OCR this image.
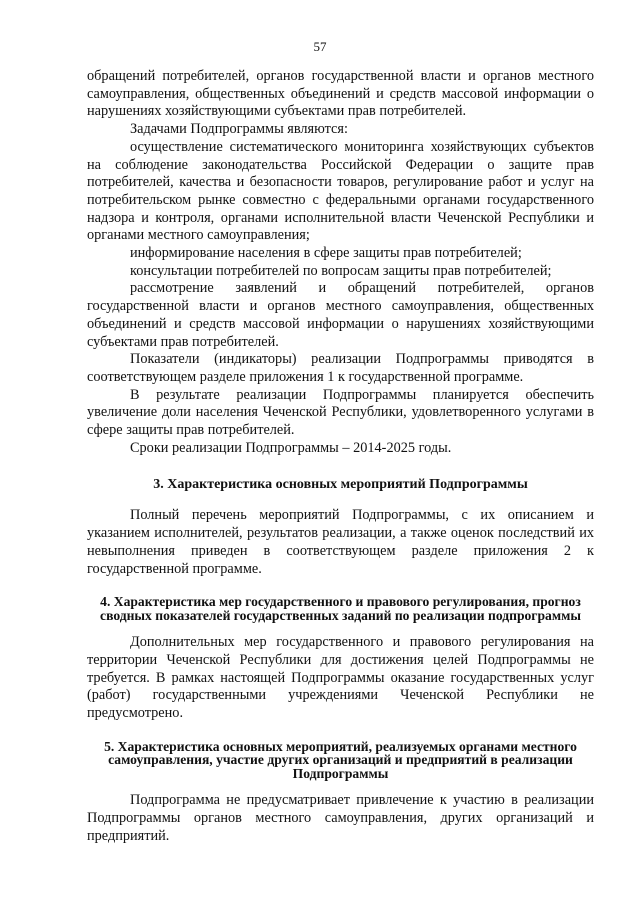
57

обращений потребителей, органов государственной власти и органов местного самоуправления, общественных объединений и средств массовой информации о нарушениях хозяйствующими субъектами прав потребителей.

Задачами Подпрограммы являются:

осуществление систематического мониторинга хозяйствующих субъектов на соблюдение законодательства Российской Федерации о защите прав потребителей, качества и безопасности товаров, регулирование работ и услуг на потребительском рынке совместно с федеральными органами государственного надзора и контроля, органами исполнительной власти Чеченской Республики и органами местного самоуправления;

информирование населения в сфере защиты прав потребителей;

консультации потребителей по вопросам защиты прав потребителей;

рассмотрение заявлений и обращений потребителей, органов государственной власти и органов местного самоуправления, общественных объединений и средств массовой информации о нарушениях хозяйствующими субъектами прав потребителей.

Показатели (индикаторы) реализации Подпрограммы приводятся в соответствующем разделе приложения 1 к государственной программе.

В результате реализации Подпрограммы планируется обеспечить увеличение доли населения Чеченской Республики, удовлетворенного услугами в сфере защиты прав потребителей.

Сроки реализации Подпрограммы – 2014-2025 годы.

3. Характеристика основных мероприятий Подпрограммы

Полный перечень мероприятий Подпрограммы, с их описанием и указанием исполнителей, результатов реализации, а также оценок последствий их невыполнения приведен в соответствующем разделе приложения 2 к государственной программе.

4. Характеристика мер государственного и правового регулирования, прогноз сводных показателей государственных заданий по реализации подпрограммы

Дополнительных мер государственного и правового регулирования на территории Чеченской Республики для достижения целей Подпрограммы не требуется. В рамках настоящей Подпрограммы оказание государственных услуг (работ) государственными учреждениями Чеченской Республики не предусмотрено.

5. Характеристика основных мероприятий, реализуемых органами местного самоуправления, участие других организаций и предприятий в реализации Подпрограммы

Подпрограмма не предусматривает привлечение к участию в реализации Подпрограммы органов местного самоуправления, других организаций и предприятий.
